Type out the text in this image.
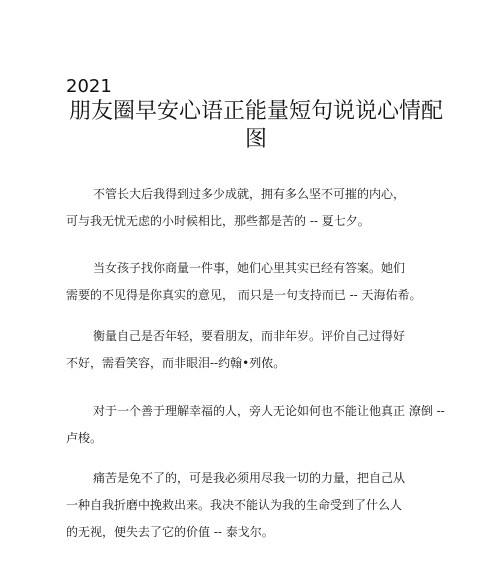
2021

朋友圈早安心语正能量短句说说心情配

图

不管长大后我得到过多少成就，拥有多么坚不可摧的内心，
可与我无忧无虑的小时候相比，那些都是苦的 -- 夏七夕。
当女孩子找你商量一件事，她们心里其实已经有答案。她们
需要的不见得是你真实的意见， 而只是一句支持而已 -- 天海佑希。
衡量自己是否年轻，要看朋友，而非年岁。评价自己过得好
不好，需看笑容，而非眼泪--约翰•列侬。
对于一个善于理解幸福的人，旁人无论如何也不能让他真正 潦倒 --
卢梭。
痛苦是免不了的，可是我必须用尽我一切的力量，把自己从
一种自我折磨中挽救出来。我决不能认为我的生命受到了什么人
的无视，便失去了它的价值 -- 泰戈尔。
